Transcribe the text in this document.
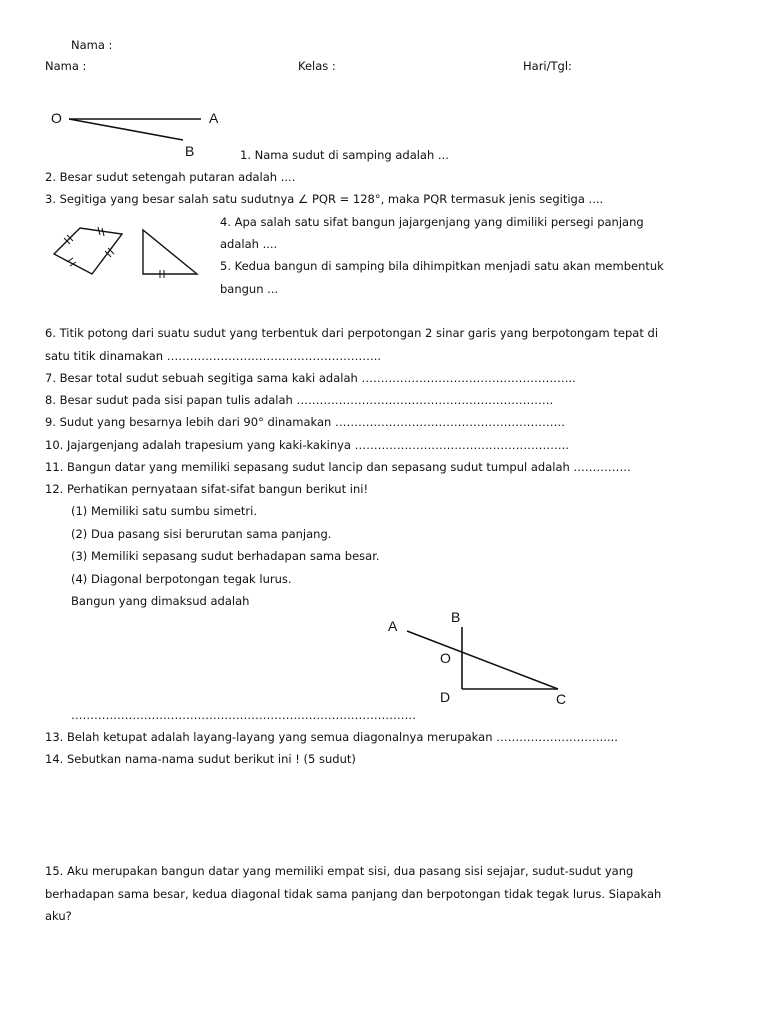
Nama :
Nama :	Kelas :	Hari/Tgl:
O	A
B	1. Nama sudut di samping adalah ...
2. Besar sudut setengah putaran adalah ....
3. Segitiga yang besar salah satu sudutnya ∠ PQR = 128°, maka PQR termasuk jenis segitiga ....
4. Apa salah satu sifat bangun jajargenjang yang dimiliki persegi panjang
adalah ....
5. Kedua bangun di samping bila dihimpitkan menjadi satu akan membentuk
bangun ...
6. Titik potong dari suatu sudut yang terbentuk dari perpotongan 2 sinar garis yang berpotongam tepat di
satu titik dinamakan ………………………………………………..
7. Besar total sudut sebuah segitiga sama kaki adalah ………………………………………………..
8. Besar sudut pada sisi papan tulis adalah ………………………………………………………….
9. Sudut yang besarnya lebih dari 90° dinamakan ……………………………………………………
10. Jajargenjang adalah trapesium yang kaki-kakinya ………………………………………………..
11. Bangun datar yang memiliki sepasang sudut lancip dan sepasang sudut tumpul adalah ……………
12. Perhatikan pernyataan sifat-sifat bangun berikut ini!
(1) Memiliki satu sumbu simetri.
(2) Dua pasang sisi berurutan sama panjang.
(3) Memiliki sepasang sudut berhadapan sama besar.
(4) Diagonal berpotongan tegak lurus.
Bangun yang dimaksud adalah
A
B
O
D	C
………………………………………………………………………………
13. Belah ketupat adalah layang-layang yang semua diagonalnya merupakan ……………………….....
14. Sebutkan nama-nama sudut berikut ini ! (5 sudut)
15. Aku merupakan bangun datar yang memiliki empat sisi, dua pasang sisi sejajar, sudut-sudut yang
berhadapan sama besar, kedua diagonal tidak sama panjang dan berpotongan tidak tegak lurus. Siapakah
aku?
